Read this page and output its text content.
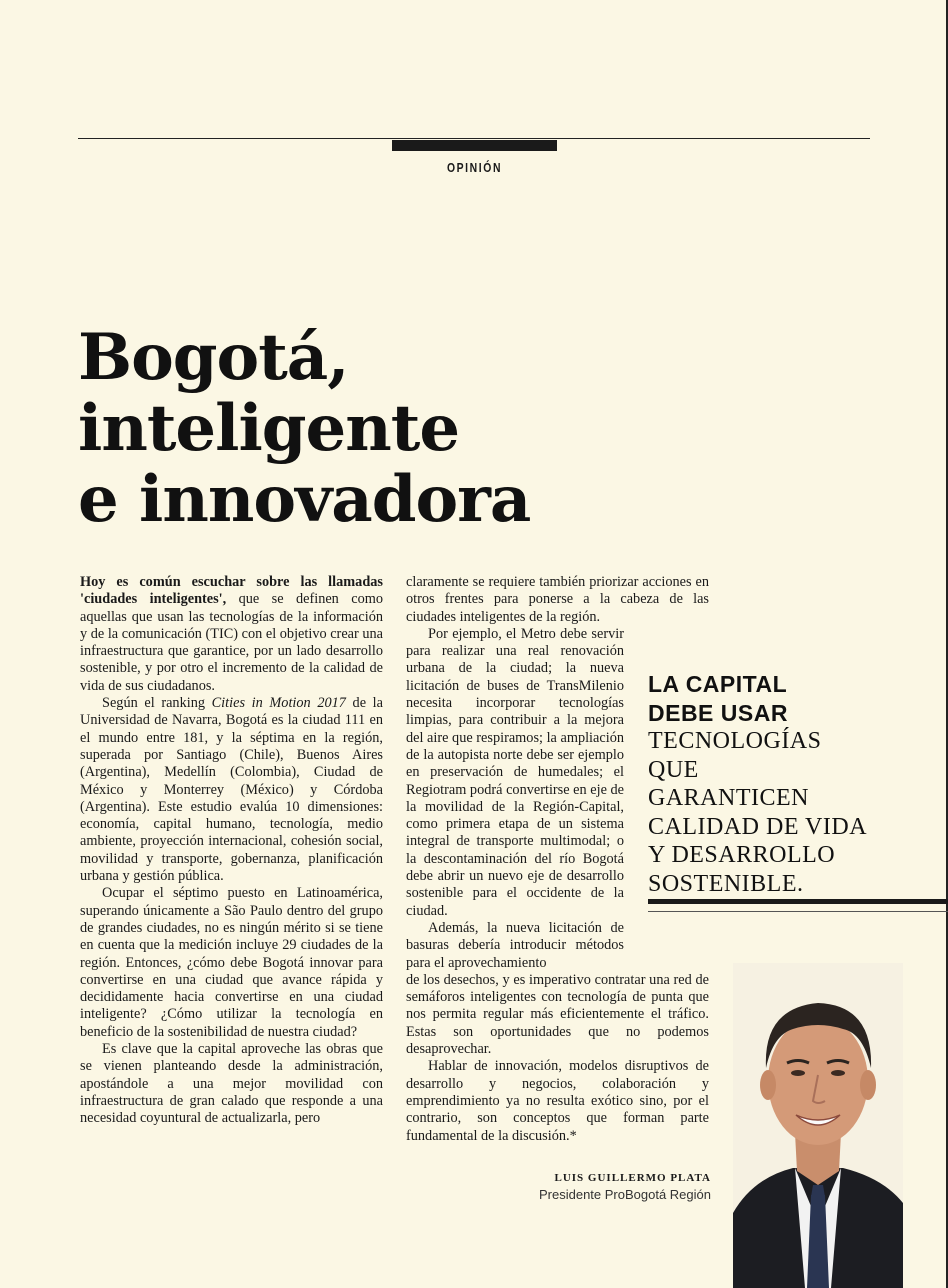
OPINIÓN
Bogotá,
inteligente
e innovadora

Hoy es común escuchar sobre las llamadas 'ciudades inteligentes', que se definen como aquellas que usan las tecnologías de la información y de la comunicación (TIC) con el objetivo crear una infraestructura que garantice, por un lado desarrollo sostenible, y por otro el incremento de la calidad de vida de sus ciudadanos.

Según el ranking Cities in Motion 2017 de la Universidad de Navarra, Bogotá es la ciudad 111 en el mundo entre 181, y la séptima en la región, superada por Santiago (Chile), Buenos Aires (Argentina), Medellín (Colombia), Ciudad de México y Monterrey (México) y Córdoba (Argentina). Este estudio evalúa 10 dimensiones: economía, capital humano, tecnología, medio ambiente, proyección internacional, cohesión social, movilidad y transporte, gobernanza, planificación urbana y gestión pública.

Ocupar el séptimo puesto en Latinoamérica, superando únicamente a São Paulo dentro del grupo de grandes ciudades, no es ningún mérito si se tiene en cuenta que la medición incluye 29 ciudades de la región. Entonces, ¿cómo debe Bogotá innovar para convertirse en una ciudad que avance rápida y decididamente hacia convertirse en una ciudad inteligente? ¿Cómo utilizar la tecnología en beneficio de la sostenibilidad de nuestra ciudad?

Es clave que la capital aproveche las obras que se vienen planteando desde la administración, apostándole a una mejor movilidad con infraestructura de gran calado que responde a una necesidad coyuntural de actualizarla, pero

claramente se requiere también priorizar acciones en otros frentes para ponerse a la cabeza de las ciudades inteligentes de la región.

Por ejemplo, el Metro debe servir para realizar una real renovación urbana de la ciudad; la nueva licitación de buses de TransMilenio necesita incorporar tecnologías limpias, para contribuir a la mejora del aire que respiramos; la ampliación de la autopista norte debe ser ejemplo en preservación de humedales; el Regiotram podrá convertirse en eje de la movilidad de la Región-Capital, como primera etapa de un sistema integral de transporte multimodal; o la descontaminación del río Bogotá debe abrir un nuevo eje de desarrollo sostenible para el occidente de la ciudad.

Además, la nueva licitación de basuras debería introducir métodos para el aprovechamiento

de los desechos, y es imperativo contratar una red de semáforos inteligentes con tecnología de punta que nos permita regular más eficientemente el tráfico. Estas son oportunidades que no podemos desaprovechar.

Hablar de innovación, modelos disruptivos de desarrollo y negocios, colaboración y emprendimiento ya no resulta exótico sino, por el contrario, son conceptos que forman parte fundamental de la discusión.*

LA CAPITAL
DEBE USAR
TECNOLOGÍAS
QUE
GARANTICEN
CALIDAD DE VIDA
Y DESARROLLO
SOSTENIBLE.
LUIS GUILLERMO PLATA
Presidente ProBogotá Región
